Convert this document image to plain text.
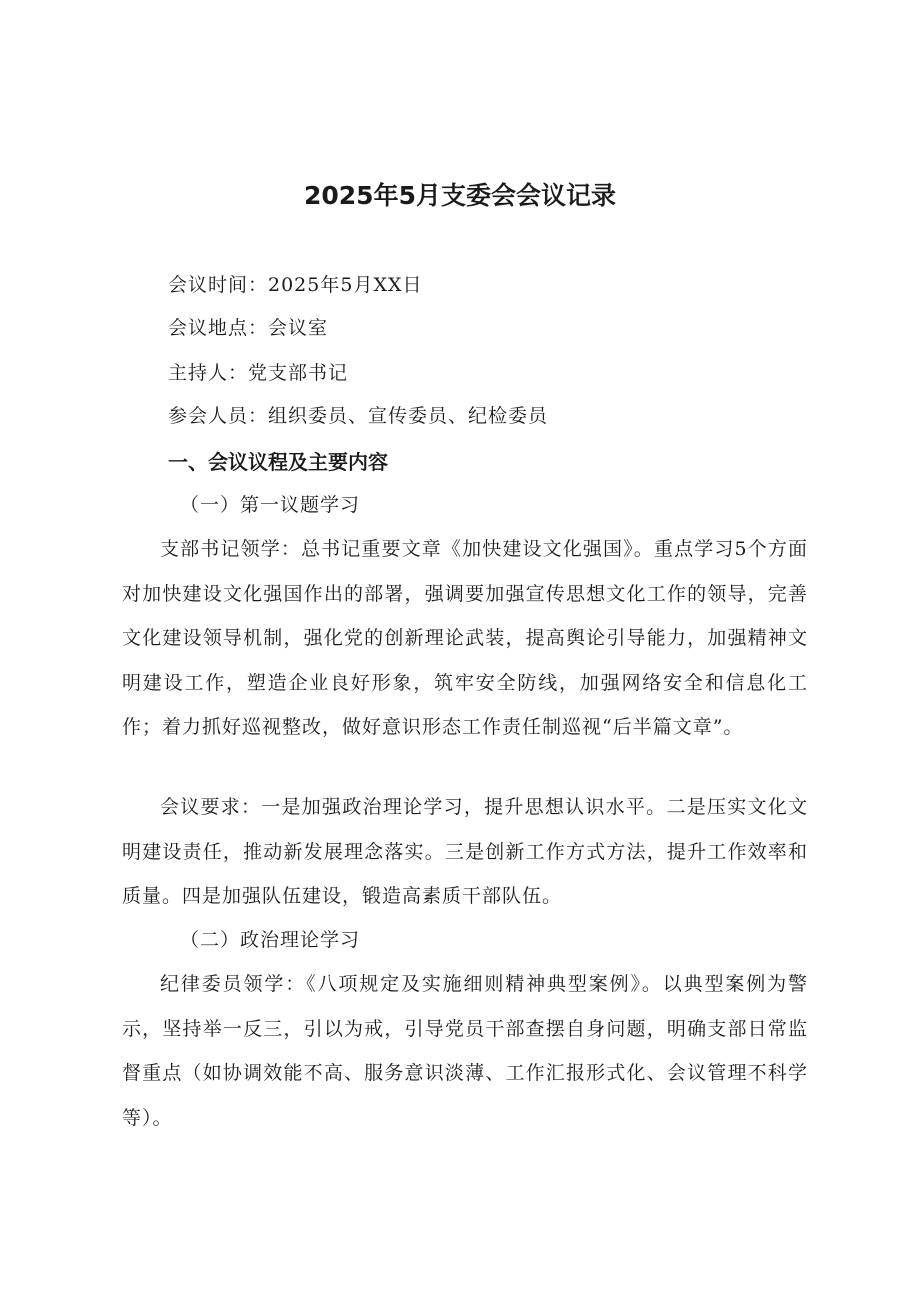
2025年5月支委会会议记录
会议时间：2025年5月XX日
会议地点：会议室
主持人：党支部书记
参会人员：组织委员、宣传委员、纪检委员
一、会议议程及主要内容
（一）第一议题学习

支部书记领学：总书记重要文章《加快建设文化强国》。重点学习5个方面对加快建设文化强国作出的部署，强调要加强宣传思想文化工作的领导，完善文化建设领导机制，强化党的创新理论武装，提高舆论引导能力，加强精神文明建设工作，塑造企业良好形象，筑牢安全防线，加强网络安全和信息化工作；着力抓好巡视整改，做好意识形态工作责任制巡视“后半篇文章”。

会议要求：一是加强政治理论学习，提升思想认识水平。二是压实文化文明建设责任，推动新发展理念落实。三是创新工作方式方法，提升工作效率和质量。四是加强队伍建设，锻造高素质干部队伍。

（二）政治理论学习

纪律委员领学：《八项规定及实施细则精神典型案例》。以典型案例为警示，坚持举一反三，引以为戒，引导党员干部查摆自身问题，明确支部日常监督重点（如协调效能不高、服务意识淡薄、工作汇报形式化、会议管理不科学等）。
